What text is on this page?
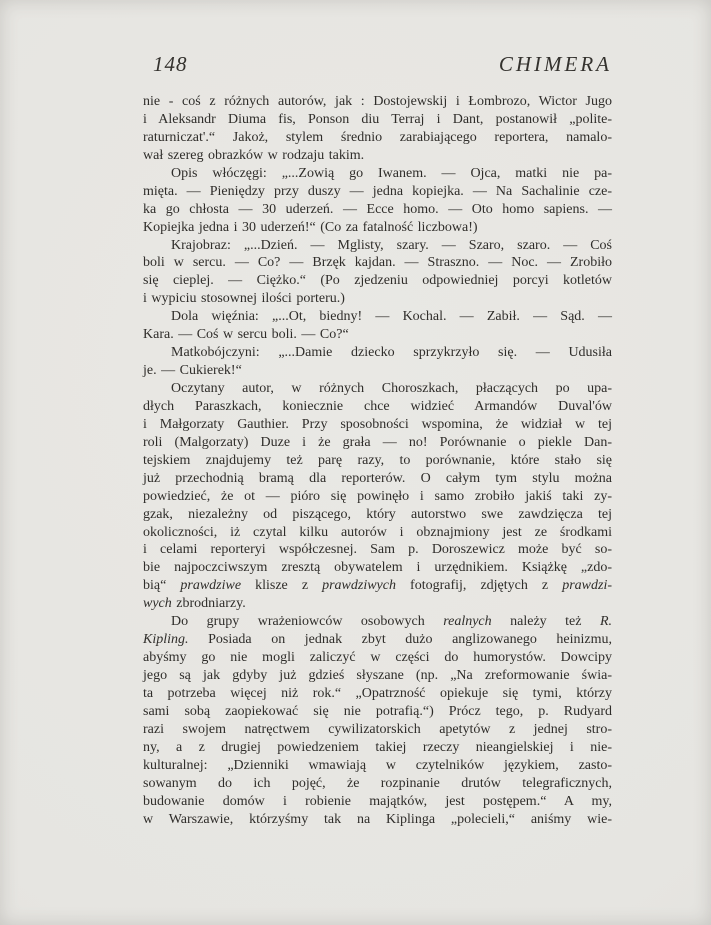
148	CHIMERA
nie - coś z różnych autorów, jak : Dostojewskij i Łombrozo, Wictor Jugo
i Aleksandr Diuma fis, Ponson diu Terraj i Dant, postanowił „polite-
raturniczat'.“ Jakoż, stylem średnio zarabiającego reportera, namalo-
wał szereg obrazków w rodzaju takim.
Opis włóczęgi: „...Zowią go Iwanem. — Ojca, matki nie pa-
mięta. — Pieniędzy przy duszy — jedna kopiejka. — Na Sachalinie cze-
ka go chłosta — 30 uderzeń. — Ecce homo. — Oto homo sapiens. —
Kopiejka jedna i 30 uderzeń!“ (Co za fatalność liczbowa!)
Krajobraz: „...Dzień. — Mglisty, szary. — Szaro, szaro. — Coś
boli w sercu. — Co? — Brzęk kajdan. — Straszno. — Noc. — Zrobiło
się cieplej. — Ciężko.“ (Po zjedzeniu odpowiedniej porcyi kotletów
i wypiciu stosownej ilości porteru.)
Dola więźnia: „...Ot, biedny! — Kochal. — Zabił. — Sąd. —
Kara. — Coś w sercu boli. — Co?“
Matkobójczyni: „...Damie dziecko sprzykrzyło się. — Udusiła
je. — Cukierek!“
Oczytany autor, w różnych Choroszkach, płaczących po upa-
dłych Paraszkach, koniecznie chce widzieć Armandów Duval'ów
i Małgorzaty Gauthier. Przy sposobności wspomina, że widział w tej
roli (Malgorzaty) Duze i że grała — no! Porównanie o piekle Dan-
tejskiem znajdujemy też parę razy, to porównanie, które stało się
już przechodnią bramą dla reporterów. O całym tym stylu można
powiedzieć, że ot — pióro się powinęło i samo zrobiło jakiś taki zy-
gzak, niezależny od piszącego, który autorstwo swe zawdzięcza tej
okoliczności, iż czytal kilku autorów i obznajmiony jest ze środkami
i celami reporteryi współczesnej. Sam p. Doroszewicz może być so-
bie najpoczciwszym zresztą obywatelem i urzędnikiem. Książkę „zdo-
bią“ prawdziwe klisze z prawdziwych fotografij, zdjętych z prawdzi-
wych zbrodniarzy.
Do grupy wrażeniowców osobowych realnych należy też R.
Kipling. Posiada on jednak zbyt dużo anglizowanego heinizmu,
abyśmy go nie mogli zaliczyć w części do humorystów. Dowcipy
jego są jak gdyby już gdzieś słyszane (np. „Na zreformowanie świa-
ta potrzeba więcej niż rok.“ „Opatrzność opiekuje się tymi, którzy
sami sobą zaopiekować się nie potrafią.“) Prócz tego, p. Rudyard
razi swojem natręctwem cywilizatorskich apetytów z jednej stro-
ny, a z drugiej powiedzeniem takiej rzeczy nieangielskiej i nie-
kulturalnej: „Dzienniki wmawiają w czytelników językiem, zasto-
sowanym do ich pojęć, że rozpinanie drutów telegraficznych,
budowanie domów i robienie majątków, jest postępem.“ A my,
w Warszawie, którzyśmy tak na Kiplinga „polecieli,“ aniśmy wie-
